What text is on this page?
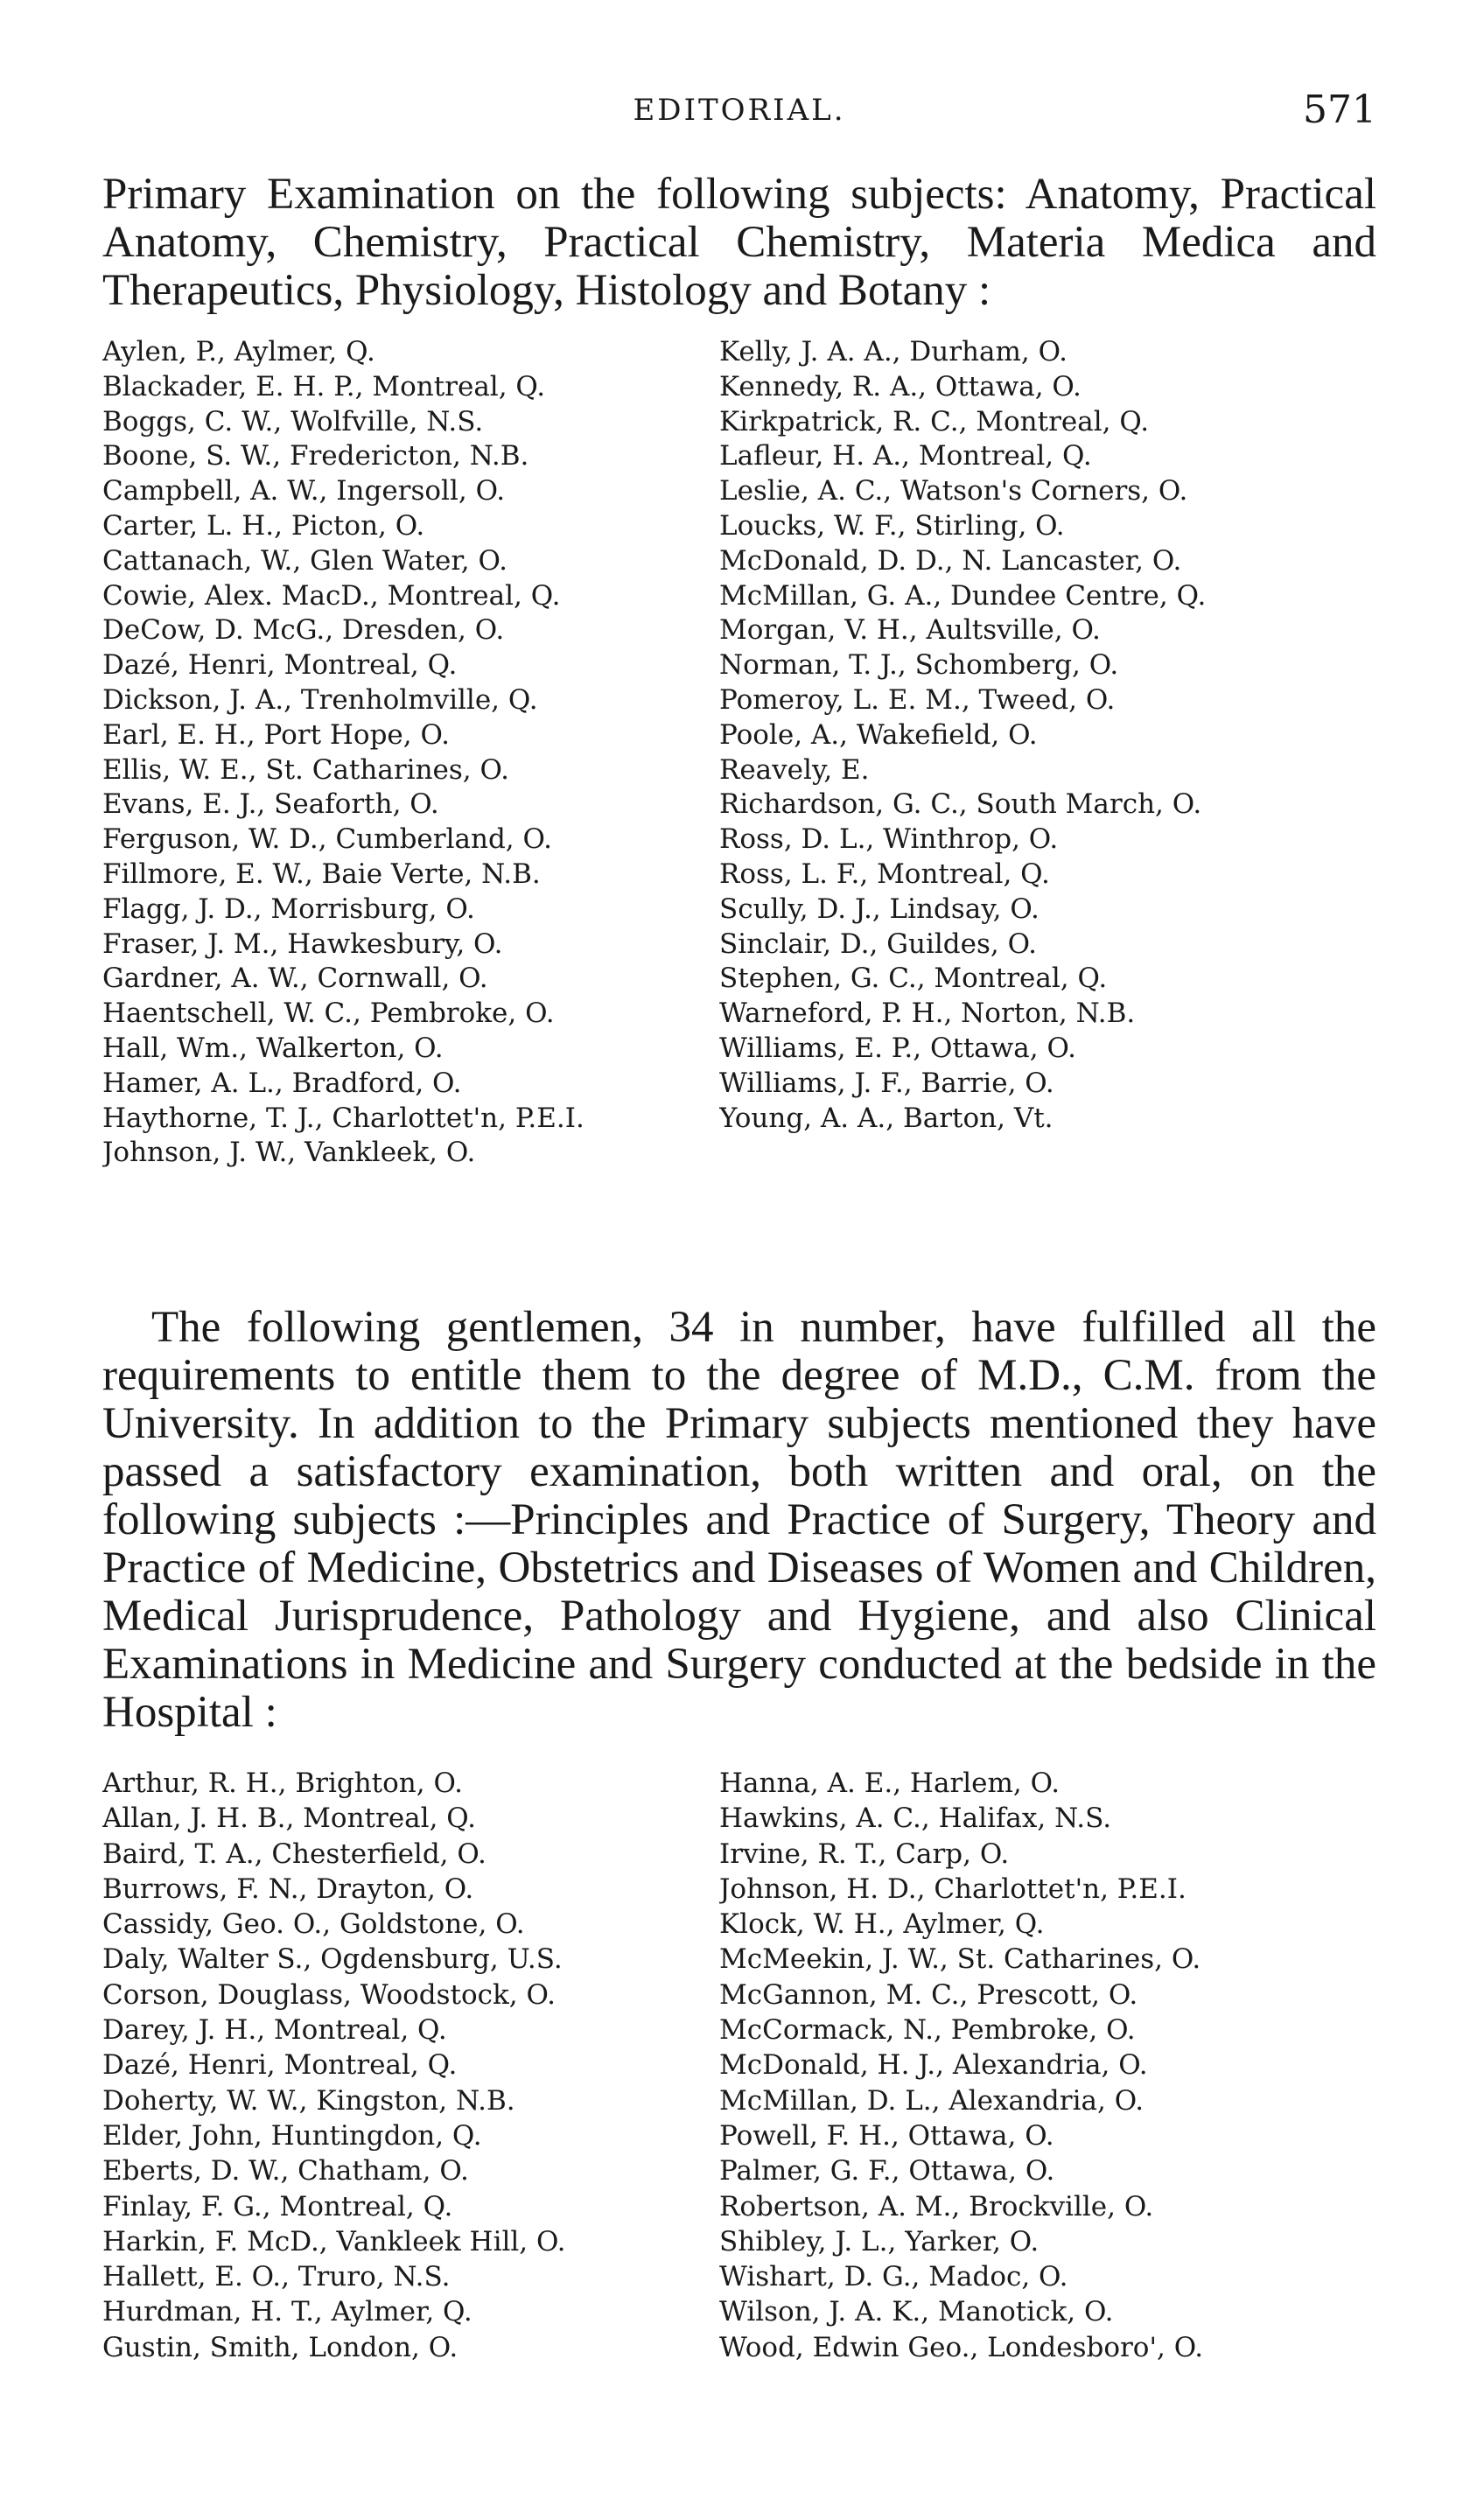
EDITORIAL.	571

Primary Examination on the following subjects: Anatomy, Practical Anatomy, Chemistry, Practical Chemistry, Materia Medica and Therapeutics, Physiology, Histology and Botany :

Aylen, P., Aylmer, Q.
Blackader, E. H. P., Montreal, Q.
Boggs, C. W., Wolfville, N.S.
Boone, S. W., Fredericton, N.B.
Campbell, A. W., Ingersoll, O.
Carter, L. H., Picton, O.
Cattanach, W., Glen Water, O.
Cowie, Alex. MacD., Montreal, Q.
DeCow, D. McG., Dresden, O.
Dazé, Henri, Montreal, Q.
Dickson, J. A., Trenholmville, Q.
Earl, E. H., Port Hope, O.
Ellis, W. E., St. Catharines, O.
Evans, E. J., Seaforth, O.
Ferguson, W. D., Cumberland, O.
Fillmore, E. W., Baie Verte, N.B.
Flagg, J. D., Morrisburg, O.
Fraser, J. M., Hawkesbury, O.
Gardner, A. W., Cornwall, O.
Haentschell, W. C., Pembroke, O.
Hall, Wm., Walkerton, O.
Hamer, A. L., Bradford, O.
Haythorne, T. J., Charlottet'n, P.E.I.
Johnson, J. W., Vankleek, O.
Kelly, J. A. A., Durham, O.
Kennedy, R. A., Ottawa, O.
Kirkpatrick, R. C., Montreal, Q.
Lafleur, H. A., Montreal, Q.
Leslie, A. C., Watson's Corners, O.
Loucks, W. F., Stirling, O.
McDonald, D. D., N. Lancaster, O.
McMillan, G. A., Dundee Centre, Q.
Morgan, V. H., Aultsville, O.
Norman, T. J., Schomberg, O.
Pomeroy, L. E. M., Tweed, O.
Poole, A., Wakefield, O.
Reavely, E.
Richardson, G. C., South March, O.
Ross, D. L., Winthrop, O.
Ross, L. F., Montreal, Q.
Scully, D. J., Lindsay, O.
Sinclair, D., Guildes, O.
Stephen, G. C., Montreal, Q.
Warneford, P. H., Norton, N.B.
Williams, E. P., Ottawa, O.
Williams, J. F., Barrie, O.
Young, A. A., Barton, Vt.

The following gentlemen, 34 in number, have fulfilled all the requirements to entitle them to the degree of M.D., C.M. from the University. In addition to the Primary subjects mentioned they have passed a satisfactory examination, both written and oral, on the following subjects :—Principles and Practice of Surgery, Theory and Practice of Medicine, Obstetrics and Diseases of Women and Children, Medical Jurisprudence, Pathology and Hygiene, and also Clinical Examinations in Medicine and Surgery conducted at the bedside in the Hospital :

Arthur, R. H., Brighton, O.
Allan, J. H. B., Montreal, Q.
Baird, T. A., Chesterfield, O.
Burrows, F. N., Drayton, O.
Cassidy, Geo. O., Goldstone, O.
Daly, Walter S., Ogdensburg, U.S.
Corson, Douglass, Woodstock, O.
Darey, J. H., Montreal, Q.
Dazé, Henri, Montreal, Q.
Doherty, W. W., Kingston, N.B.
Elder, John, Huntingdon, Q.
Eberts, D. W., Chatham, O.
Finlay, F. G., Montreal, Q.
Harkin, F. McD., Vankleek Hill, O.
Hallett, E. O., Truro, N.S.
Hurdman, H. T., Aylmer, Q.
Gustin, Smith, London, O.
Hanna, A. E., Harlem, O.
Hawkins, A. C., Halifax, N.S.
Irvine, R. T., Carp, O.
Johnson, H. D., Charlottet'n, P.E.I.
Klock, W. H., Aylmer, Q.
McMeekin, J. W., St. Catharines, O.
McGannon, M. C., Prescott, O.
McCormack, N., Pembroke, O.
McDonald, H. J., Alexandria, O.
McMillan, D. L., Alexandria, O.
Powell, F. H., Ottawa, O.
Palmer, G. F., Ottawa, O.
Robertson, A. M., Brockville, O.
Shibley, J. L., Yarker, O.
Wishart, D. G., Madoc, O.
Wilson, J. A. K., Manotick, O.
Wood, Edwin Geo., Londesboro', O.
